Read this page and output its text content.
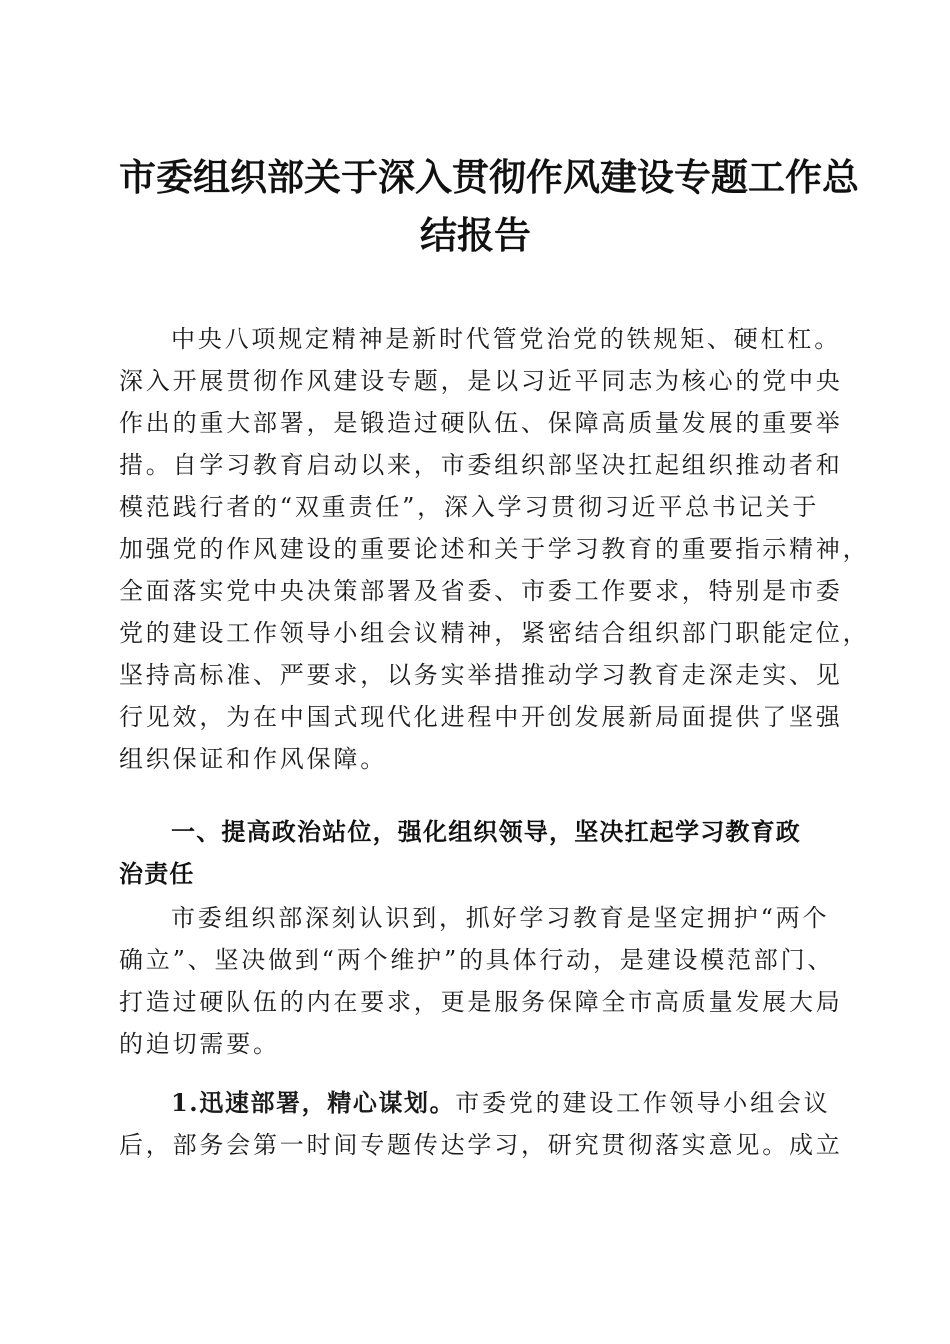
市委组织部关于深入贯彻作风建设专题工作总
结报告
中央八项规定精神是新时代管党治党的铁规矩、硬杠杠。
深入开展贯彻作风建设专题，是以习近平同志为核心的党中央
作出的重大部署，是锻造过硬队伍、保障高质量发展的重要举
措。自学习教育启动以来，市委组织部坚决扛起组织推动者和
模范践行者的“双重责任”，深入学习贯彻习近平总书记关于
加强党的作风建设的重要论述和关于学习教育的重要指示精神，
全面落实党中央决策部署及省委、市委工作要求，特别是市委
党的建设工作领导小组会议精神，紧密结合组织部门职能定位，
坚持高标准、严要求，以务实举措推动学习教育走深走实、见
行见效，为在中国式现代化进程中开创发展新局面提供了坚强
组织保证和作风保障。
一、提高政治站位，强化组织领导，坚决扛起学习教育政
治责任
市委组织部深刻认识到，抓好学习教育是坚定拥护“两个
确立”、坚决做到“两个维护”的具体行动，是建设模范部门、
打造过硬队伍的内在要求，更是服务保障全市高质量发展大局
的迫切需要。
1.迅速部署，精心谋划。市委党的建设工作领导小组会议
后，部务会第一时间专题传达学习，研究贯彻落实意见。成立
